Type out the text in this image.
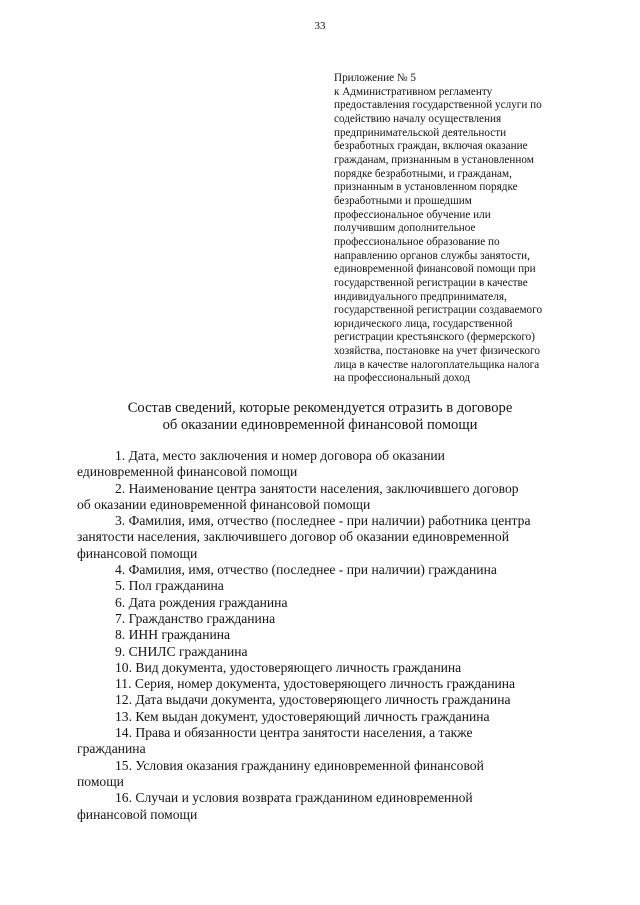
33
Приложение № 5
к Административном регламенту
предоставления государственной услуги по
содействию началу осуществления
предпринимательской деятельности
безработных граждан, включая оказание
гражданам, признанным в установленном
порядке безработными, и гражданам,
признанным в установленном порядке
безработными и прошедшим
профессиональное обучение или
получившим дополнительное
профессиональное образование по
направлению органов службы занятости,
единовременной финансовой помощи при
государственной регистрации в качестве
индивидуального предпринимателя,
государственной регистрации создаваемого
юридического лица, государственной
регистрации крестьянского (фермерского)
хозяйства, постановке на учет физического
лица в качестве налогоплательщика налога
на профессиональный доход
Состав сведений, которые рекомендуется отразить в договоре
об оказании единовременной финансовой помощи
1. Дата, место заключения и номер договора об оказании
единовременной финансовой помощи
2. Наименование центра занятости населения, заключившего договор
об оказании единовременной финансовой помощи
3. Фамилия, имя, отчество (последнее - при наличии) работника центра
занятости населения, заключившего договор об оказании единовременной
финансовой помощи
4. Фамилия, имя, отчество (последнее - при наличии) гражданина
5. Пол гражданина
6. Дата рождения гражданина
7. Гражданство гражданина
8. ИНН гражданина
9. СНИЛС гражданина
10. Вид документа, удостоверяющего личность гражданина
11. Серия, номер документа, удостоверяющего личность гражданина
12. Дата выдачи документа, удостоверяющего личность гражданина
13. Кем выдан документ, удостоверяющий личность гражданина
14. Права и обязанности центра занятости населения, а также
гражданина
15. Условия оказания гражданину единовременной финансовой
помощи
16. Случаи и условия возврата гражданином единовременной
финансовой помощи
